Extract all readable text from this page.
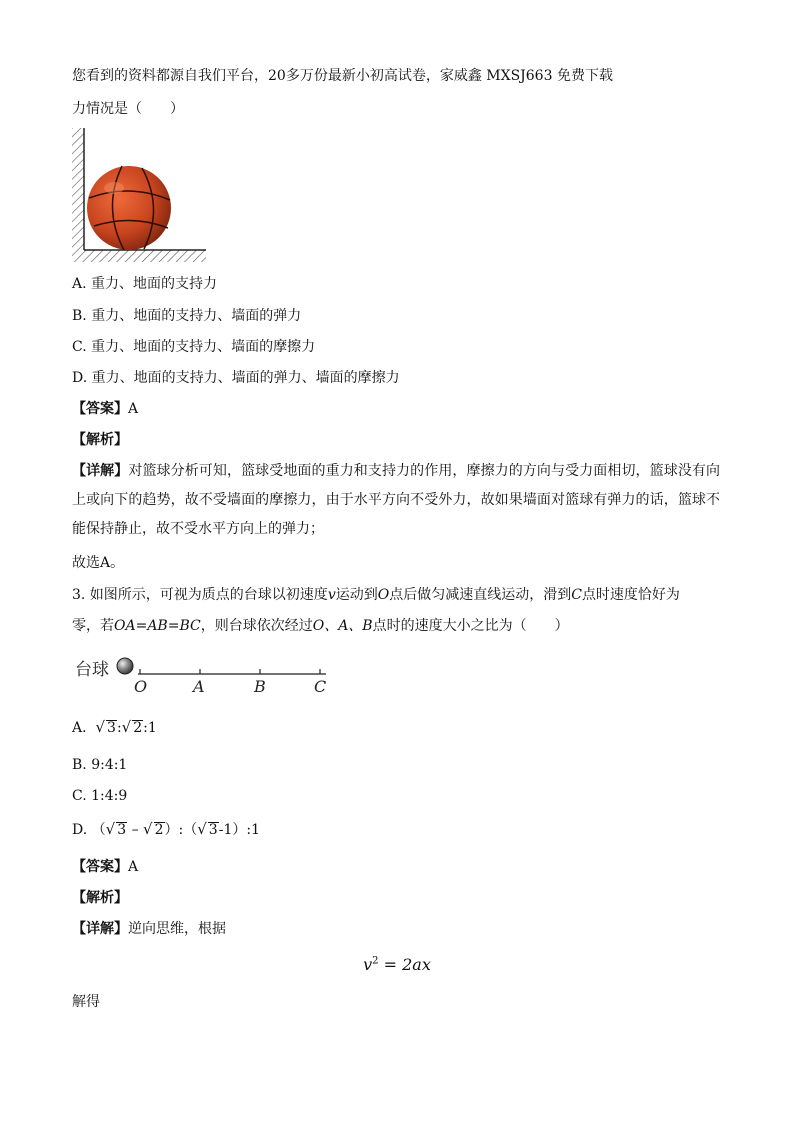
您看到的资料都源自我们平台，20多万份最新小初高试卷，家威鑫 MXSJ663 免费下载
力情况是（　　）
A. 重力、地面的支持力
B. 重力、地面的支持力、墙面的弹力
C. 重力、地面的支持力、墙面的摩擦力
D. 重力、地面的支持力、墙面的弹力、墙面的摩擦力
【答案】A
【解析】
【详解】对篮球分析可知，篮球受地面的重力和支持力的作用，摩擦力的方向与受力面相切，篮球没有向上或向下的趋势，故不受墙面的摩擦力，由于水平方向不受外力，故如果墙面对篮球有弹力的话，篮球不能保持静止，故不受水平方向上的弹力；
故选A。
3. 如图所示，可视为质点的台球以初速度v运动到O点后做匀减速直线运动，滑到C点时速度恰好为
零，若OA=AB=BC，则台球依次经过O、A、B点时的速度大小之比为（　　）
台球
O	A	B	C
A. √ 3:√ 2:1
B. 9:4:1
C. 1:4:9
D. （√ 3 – √ 2）:（√ 3-1）:1
【答案】A
【解析】
【详解】逆向思维，根据
$v^2 = 2ax$
解得
